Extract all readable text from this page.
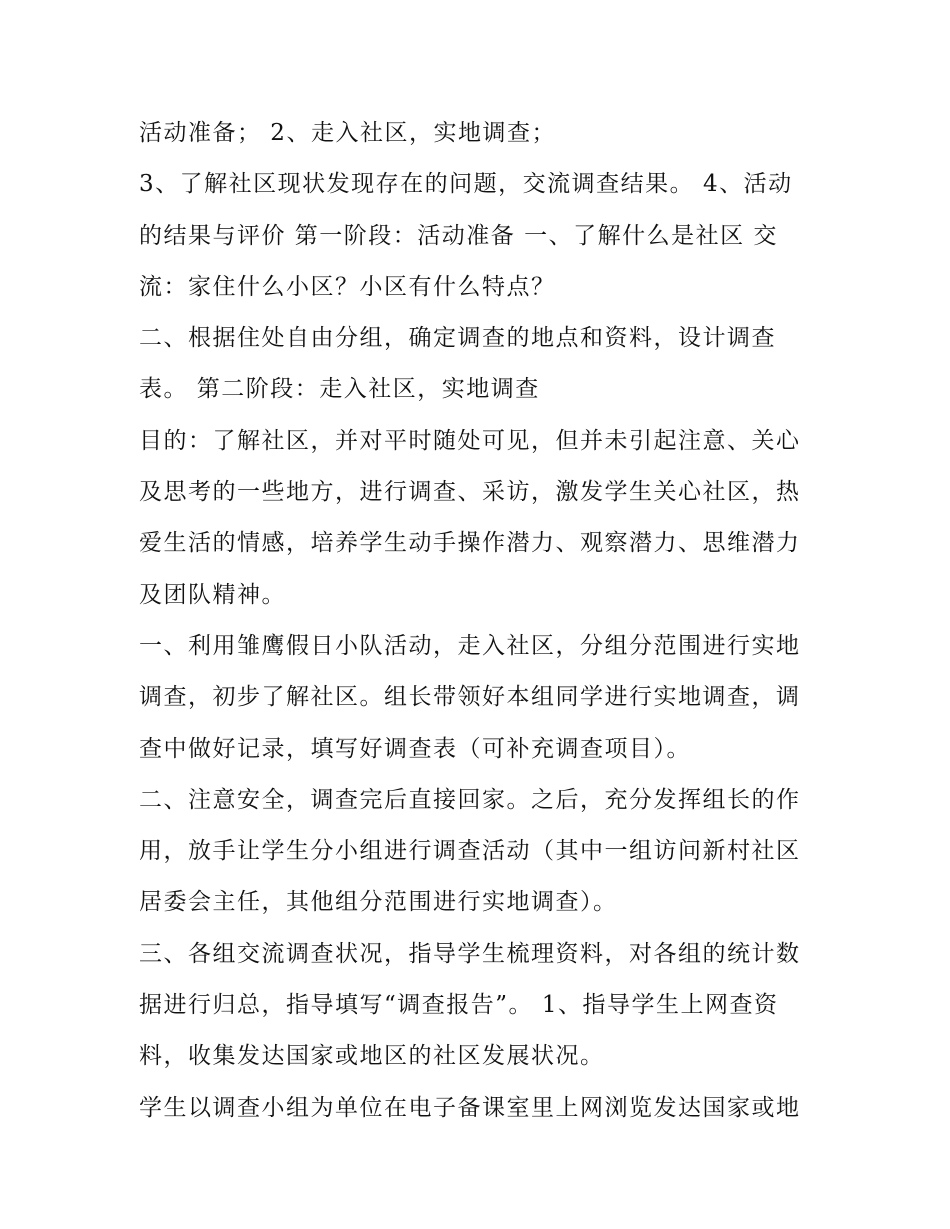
活动准备； 2、走入社区，实地调查；
3、了解社区现状发现存在的问题，交流调查结果。 4、活动
的结果与评价 第一阶段：活动准备 一、了解什么是社区 交
流：家住什么小区？小区有什么特点？
二、根据住处自由分组，确定调查的地点和资料，设计调查
表。 第二阶段：走入社区，实地调查
目的：了解社区，并对平时随处可见，但并未引起注意、关心
及思考的一些地方，进行调查、采访，激发学生关心社区，热
爱生活的情感，培养学生动手操作潜力、观察潜力、思维潜力
及团队精神。
一、利用雏鹰假日小队活动，走入社区，分组分范围进行实地
调查，初步了解社区。组长带领好本组同学进行实地调查，调
查中做好记录，填写好调查表（可补充调查项目）。
二、注意安全，调查完后直接回家。之后，充分发挥组长的作
用，放手让学生分小组进行调查活动（其中一组访问新村社区
居委会主任，其他组分范围进行实地调查）。
三、各组交流调查状况，指导学生梳理资料，对各组的统计数
据进行归总，指导填写“调查报告”。 1、指导学生上网查资
料，收集发达国家或地区的社区发展状况。
学生以调查小组为单位在电子备课室里上网浏览发达国家或地
